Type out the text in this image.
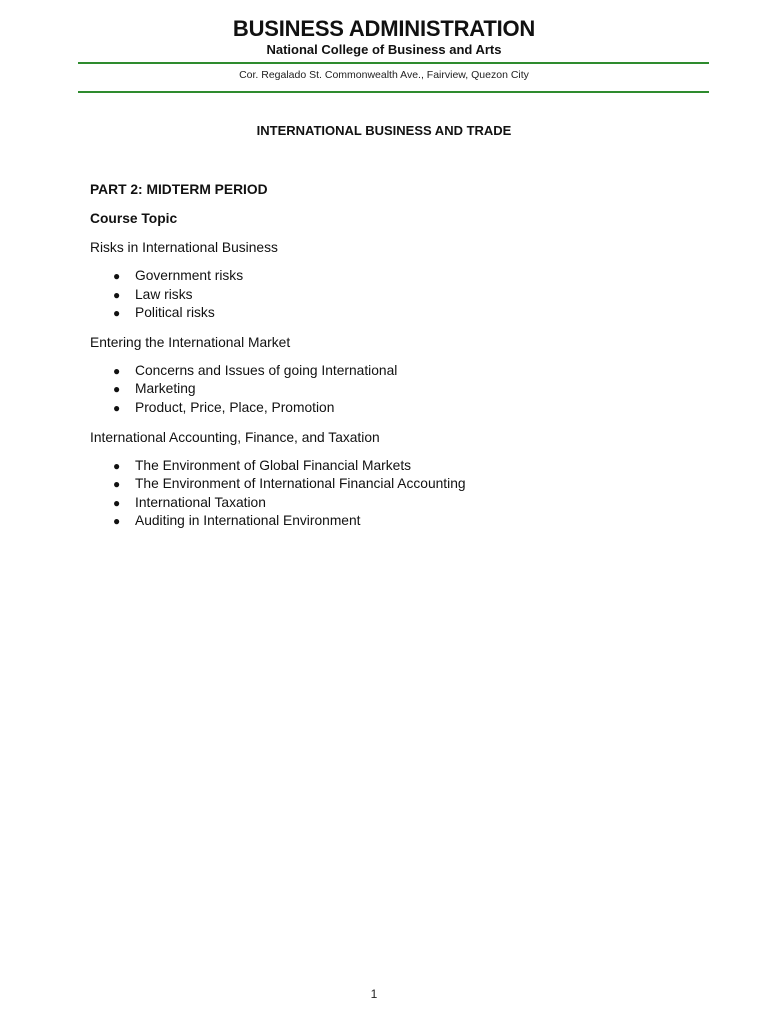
BUSINESS ADMINISTRATION
National College of Business and Arts
Cor. Regalado St. Commonwealth Ave., Fairview, Quezon City
INTERNATIONAL BUSINESS AND TRADE
PART 2: MIDTERM PERIOD
Course Topic
Risks in International Business
● Government risks
● Law risks
● Political risks
Entering the International Market
● Concerns and Issues of going International
● Marketing
● Product, Price, Place, Promotion
International Accounting, Finance, and Taxation
● The Environment of Global Financial Markets
● The Environment of International Financial Accounting
● International Taxation
● Auditing in International Environment
1
